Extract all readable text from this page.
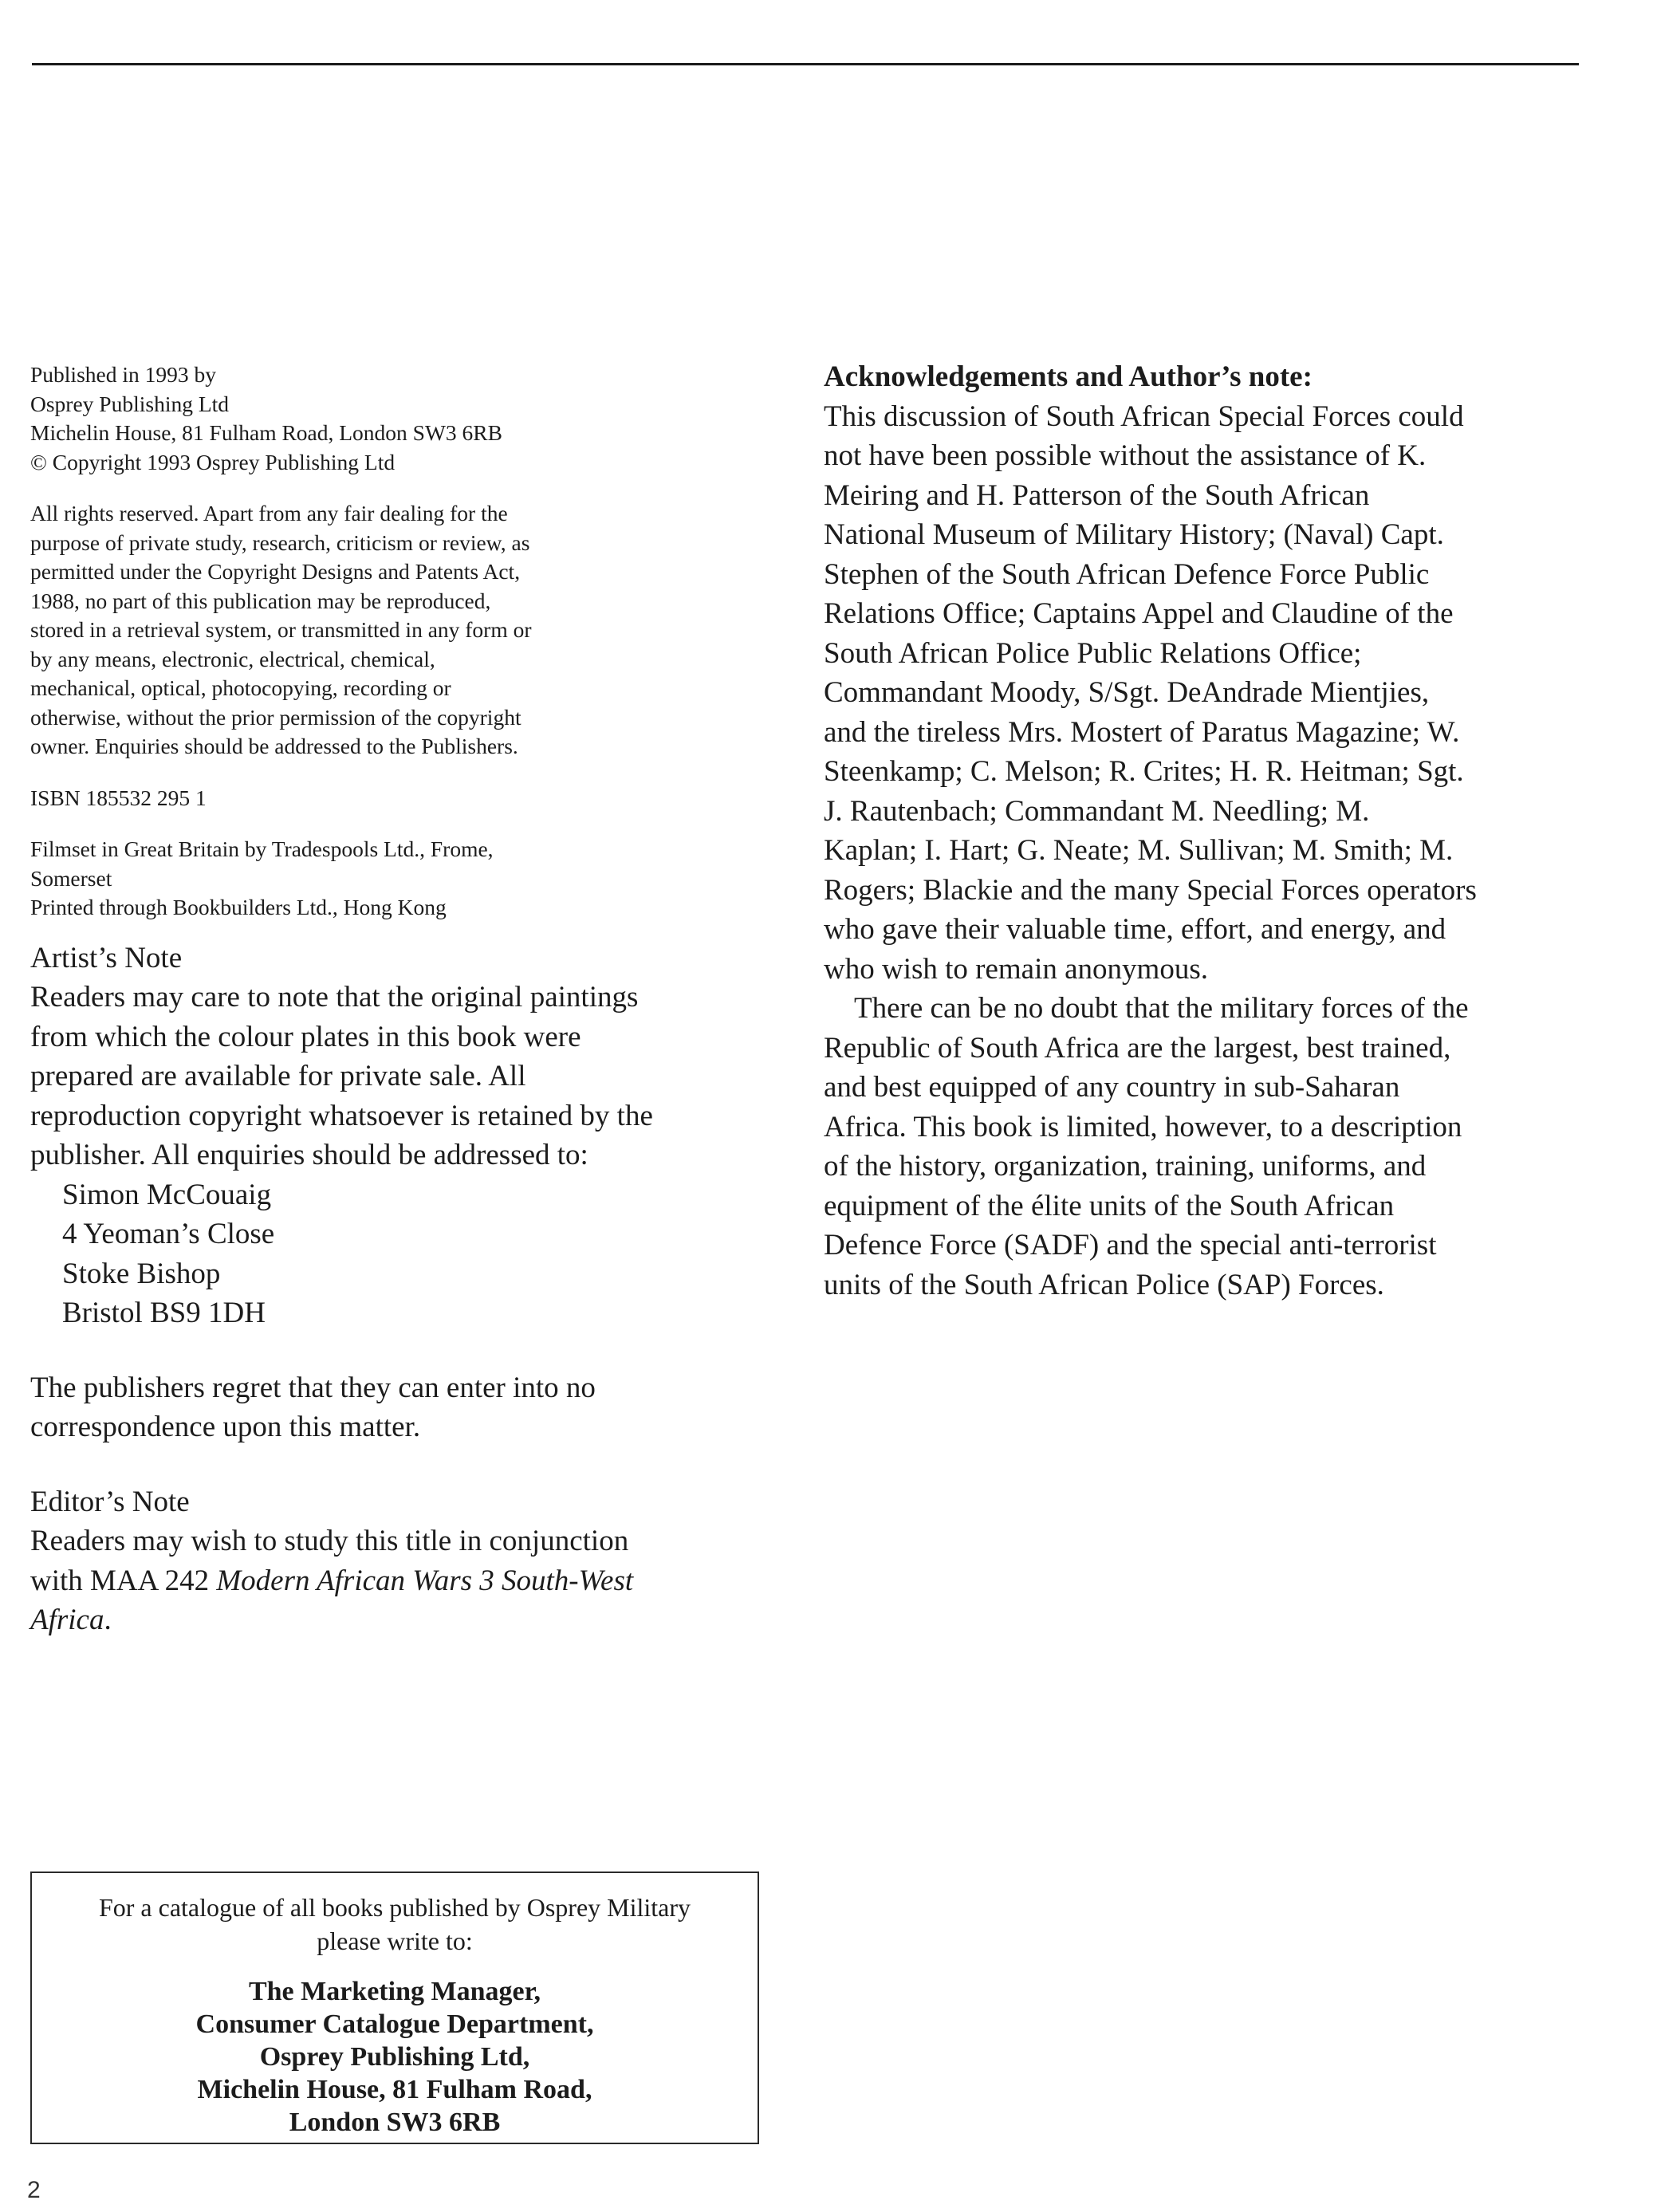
Published in 1993 by
Osprey Publishing Ltd
Michelin House, 81 Fulham Road, London SW3 6RB
© Copyright 1993 Osprey Publishing Ltd
All rights reserved. Apart from any fair dealing for the
purpose of private study, research, criticism or review, as
permitted under the Copyright Designs and Patents Act,
1988, no part of this publication may be reproduced,
stored in a retrieval system, or transmitted in any form or
by any means, electronic, electrical, chemical,
mechanical, optical, photocopying, recording or
otherwise, without the prior permission of the copyright
owner. Enquiries should be addressed to the Publishers.
ISBN 185532 295 1
Filmset in Great Britain by Tradespools Ltd., Frome,
Somerset
Printed through Bookbuilders Ltd., Hong Kong
Artist’s Note
Readers may care to note that the original paintings
from which the colour plates in this book were
prepared are available for private sale. All
reproduction copyright whatsoever is retained by the
publisher. All enquiries should be addressed to:
Simon McCouaig
4 Yeoman’s Close
Stoke Bishop
Bristol BS9 1DH
The publishers regret that they can enter into no
correspondence upon this matter.
Editor’s Note
Readers may wish to study this title in conjunction
with MAA 242 Modern African Wars 3 South-West
Africa.
Acknowledgements and Author’s note:
This discussion of South African Special Forces could
not have been possible without the assistance of K.
Meiring and H. Patterson of the South African
National Museum of Military History; (Naval) Capt.
Stephen of the South African Defence Force Public
Relations Office; Captains Appel and Claudine of the
South African Police Public Relations Office;
Commandant Moody, S/Sgt. DeAndrade Mientjies,
and the tireless Mrs. Mostert of Paratus Magazine; W.
Steenkamp; C. Melson; R. Crites; H. R. Heitman; Sgt.
J. Rautenbach; Commandant M. Needling; M.
Kaplan; I. Hart; G. Neate; M. Sullivan; M. Smith; M.
Rogers; Blackie and the many Special Forces operators
who gave their valuable time, effort, and energy, and
who wish to remain anonymous.
There can be no doubt that the military forces of the
Republic of South Africa are the largest, best trained,
and best equipped of any country in sub-Saharan
Africa. This book is limited, however, to a description
of the history, organization, training, uniforms, and
equipment of the élite units of the South African
Defence Force (SADF) and the special anti-terrorist
units of the South African Police (SAP) Forces.
For a catalogue of all books published by Osprey Military
please write to:
The Marketing Manager,
Consumer Catalogue Department,
Osprey Publishing Ltd,
Michelin House, 81 Fulham Road,
London SW3 6RB
2
